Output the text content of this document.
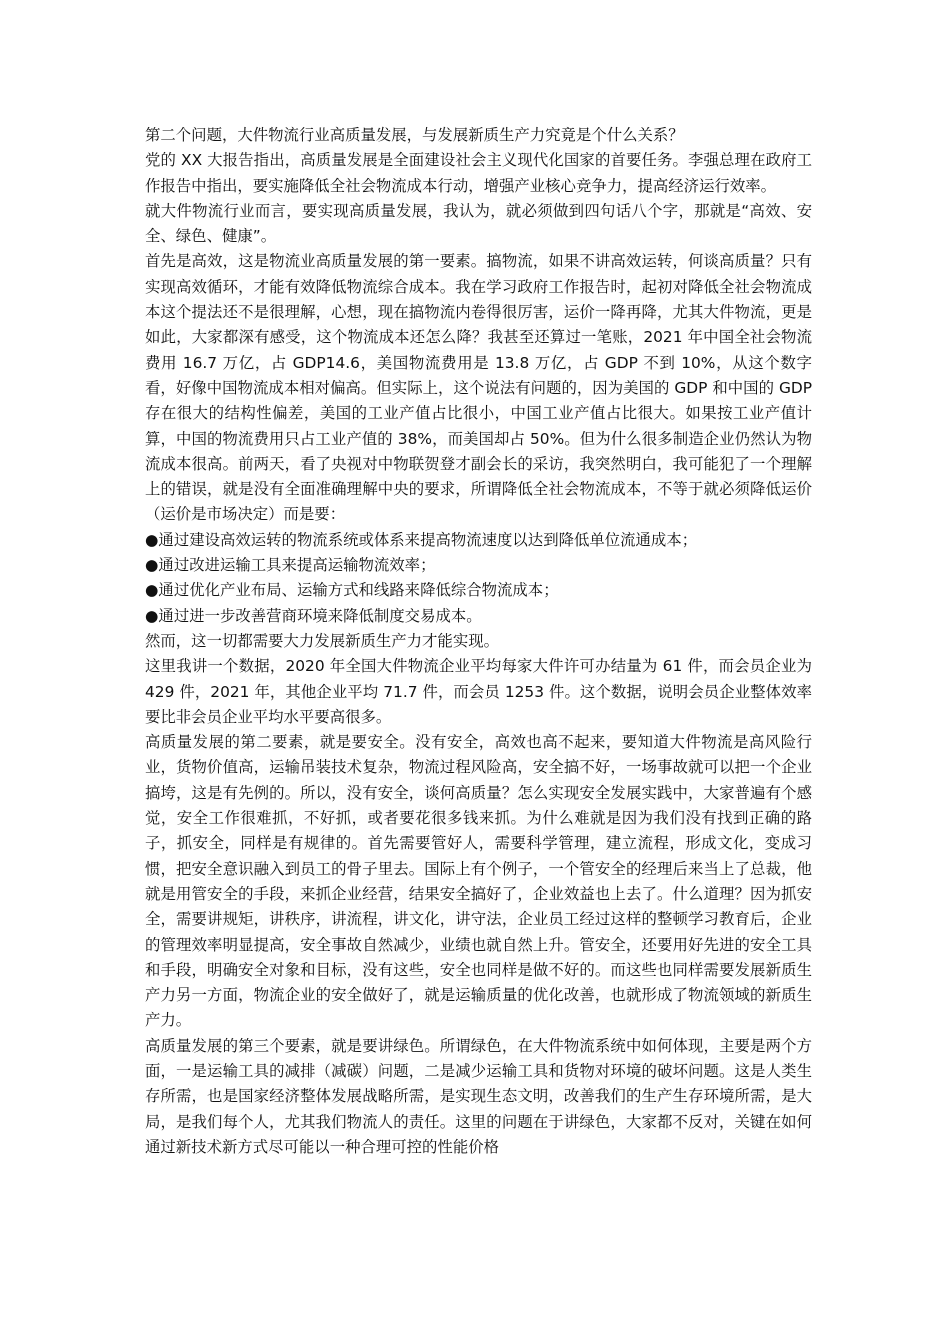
第二个问题，大件物流行业高质量发展，与发展新质生产力究竟是个什么关系？

党的 XX 大报告指出，高质量发展是全面建设社会主义现代化国家的首要任务。李强总理在政府工作报告中指出，要实施降低全社会物流成本行动，增强产业核心竞争力，提高经济运行效率。

就大件物流行业而言，要实现高质量发展，我认为，就必须做到四句话八个字，那就是“高效、安全、绿色、健康”。

首先是高效，这是物流业高质量发展的第一要素。搞物流，如果不讲高效运转，何谈高质量？只有实现高效循环，才能有效降低物流综合成本。我在学习政府工作报告时，起初对降低全社会物流成本这个提法还不是很理解，心想，现在搞物流内卷得很厉害，运价一降再降，尤其大件物流，更是如此，大家都深有感受，这个物流成本还怎么降？我甚至还算过一笔账，2021 年中国全社会物流费用 16.7 万亿，占 GDP14.6，美国物流费用是 13.8 万亿，占 GDP 不到 10%，从这个数字看，好像中国物流成本相对偏高。但实际上，这个说法有问题的，因为美国的 GDP 和中国的 GDP 存在很大的结构性偏差，美国的工业产值占比很小，中国工业产值占比很大。如果按工业产值计算，中国的物流费用只占工业产值的 38%，而美国却占 50%。但为什么很多制造企业仍然认为物流成本很高。前两天，看了央视对中物联贺登才副会长的采访，我突然明白，我可能犯了一个理解上的错误，就是没有全面准确理解中央的要求，所谓降低全社会物流成本，不等于就必须降低运价（运价是市场决定）而是要：

●通过建设高效运转的物流系统或体系来提高物流速度以达到降低单位流通成本；

●通过改进运输工具来提高运输物流效率；

●通过优化产业布局、运输方式和线路来降低综合物流成本；

●通过进一步改善营商环境来降低制度交易成本。

然而，这一切都需要大力发展新质生产力才能实现。

这里我讲一个数据，2020 年全国大件物流企业平均每家大件许可办结量为 61 件，而会员企业为 429 件，2021 年，其他企业平均 71.7 件，而会员 1253 件。这个数据，说明会员企业整体效率要比非会员企业平均水平要高很多。

高质量发展的第二要素，就是要安全。没有安全，高效也高不起来，要知道大件物流是高风险行业，货物价值高，运输吊装技术复杂，物流过程风险高，安全搞不好，一场事故就可以把一个企业搞垮，这是有先例的。所以，没有安全，谈何高质量？怎么实现安全发展实践中，大家普遍有个感觉，安全工作很难抓，不好抓，或者要花很多钱来抓。为什么难就是因为我们没有找到正确的路子，抓安全，同样是有规律的。首先需要管好人，需要科学管理，建立流程，形成文化，变成习惯，把安全意识融入到员工的骨子里去。国际上有个例子，一个管安全的经理后来当上了总裁，他就是用管安全的手段，来抓企业经营，结果安全搞好了，企业效益也上去了。什么道理？因为抓安全，需要讲规矩，讲秩序，讲流程，讲文化，讲守法，企业员工经过这样的整顿学习教育后，企业的管理效率明显提高，安全事故自然减少，业绩也就自然上升。管安全，还要用好先进的安全工具和手段，明确安全对象和目标，没有这些，安全也同样是做不好的。而这些也同样需要发展新质生产力另一方面，物流企业的安全做好了，就是运输质量的优化改善，也就形成了物流领域的新质生产力。

高质量发展的第三个要素，就是要讲绿色。所谓绿色，在大件物流系统中如何体现，主要是两个方面，一是运输工具的减排（减碳）问题，二是减少运输工具和货物对环境的破坏问题。这是人类生存所需，也是国家经济整体发展战略所需，是实现生态文明，改善我们的生产生存环境所需，是大局，是我们每个人，尤其我们物流人的责任。这里的问题在于讲绿色，大家都不反对，关键在如何通过新技术新方式尽可能以一种合理可控的性能价格
